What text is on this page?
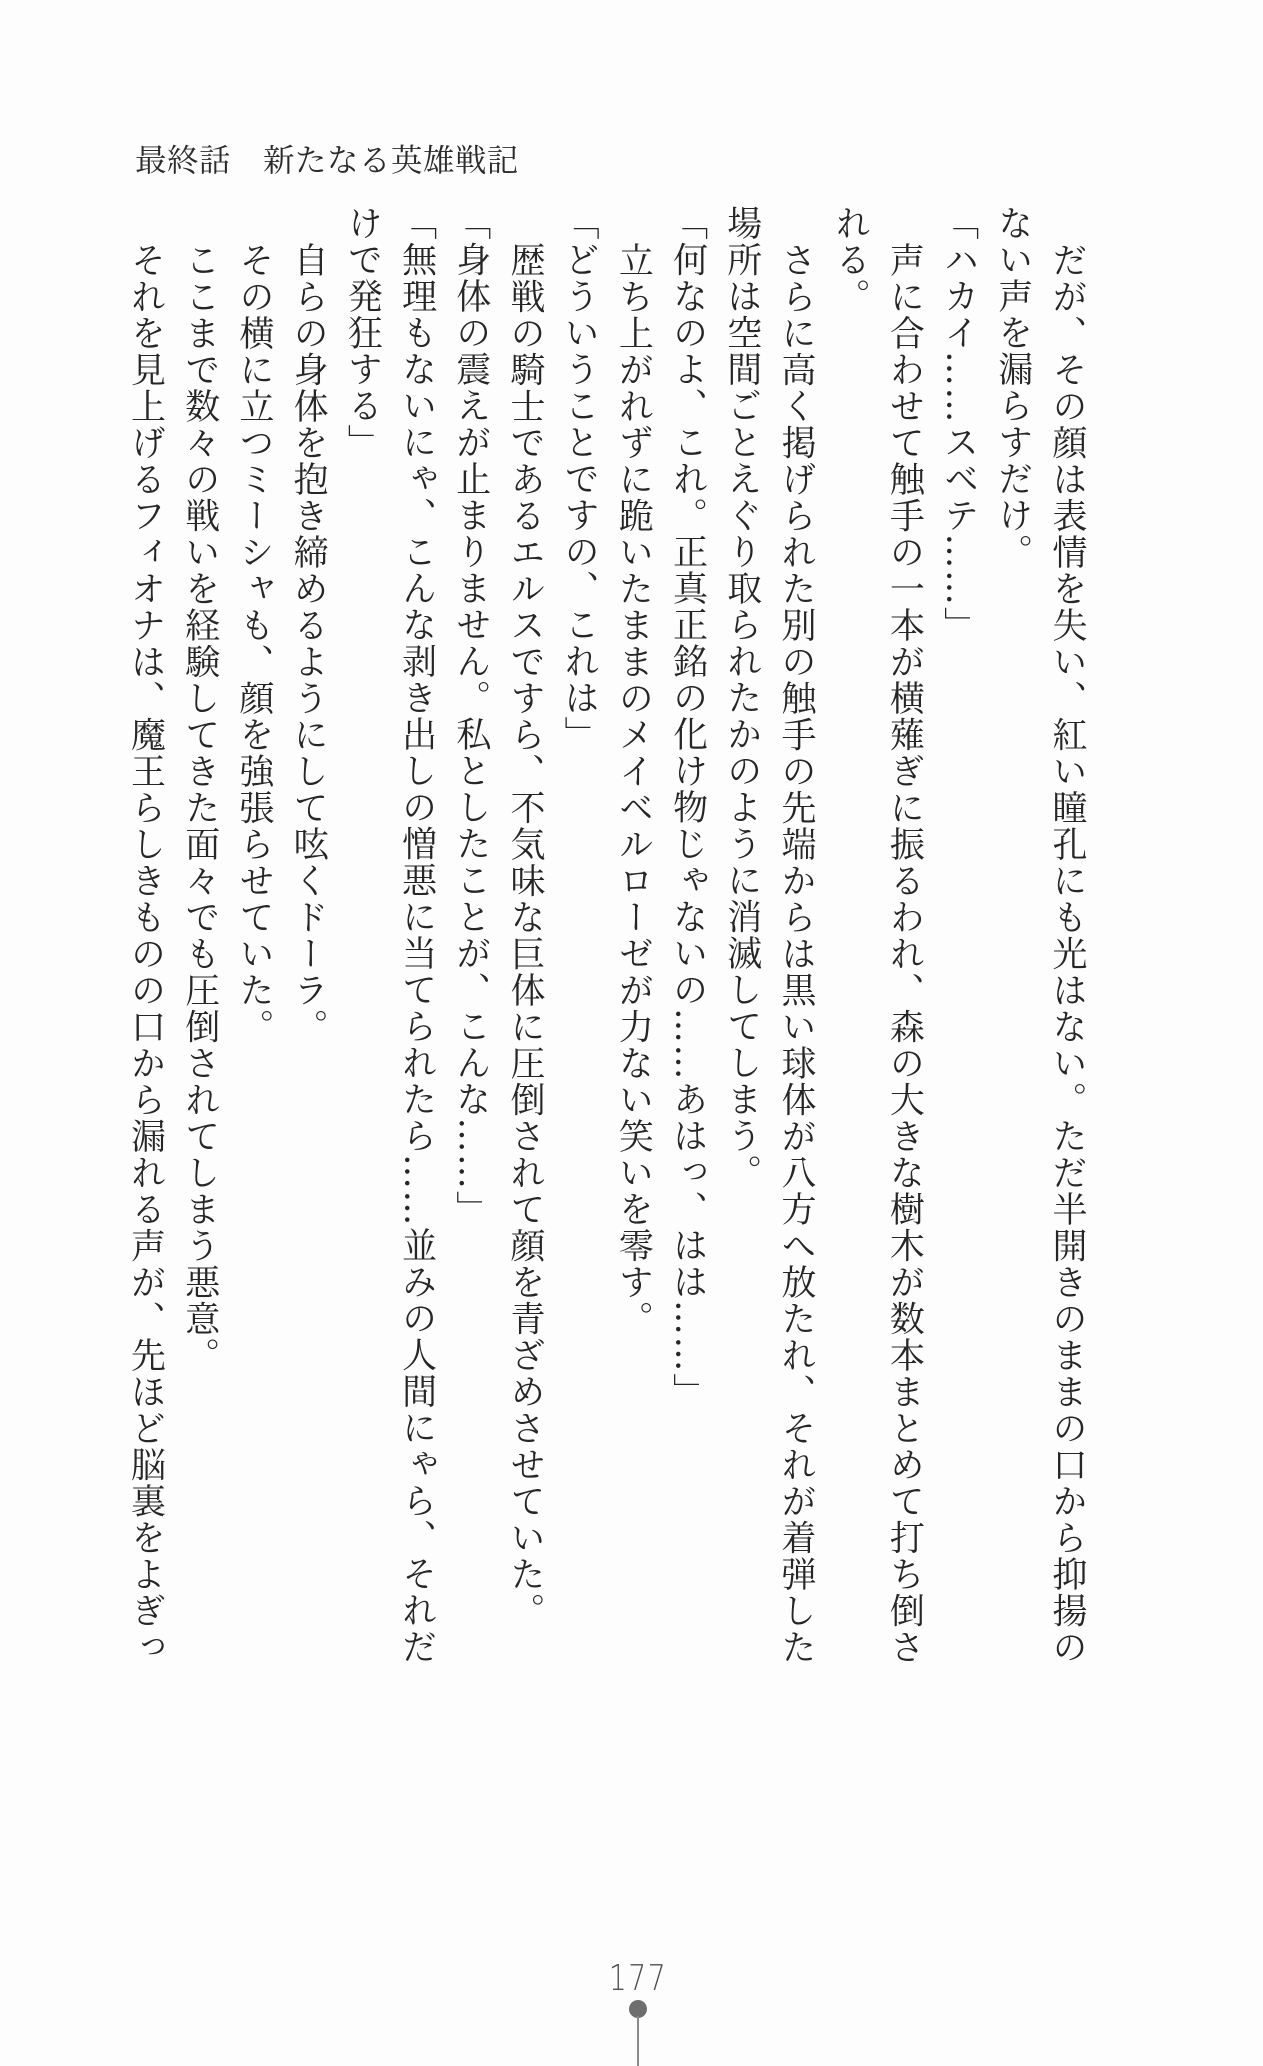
最終話　新たなる英雄戦記

だが、その顔は表情を失い、紅い瞳孔にも光はない。ただ半開きのままの口から抑揚のない声を漏らすだけ。

「ハカイ……スベテ……」

声に合わせて触手の一本が横薙ぎに振るわれ、森の大きな樹木が数本まとめて打ち倒される。

さらに高く掲げられた別の触手の先端からは黒い球体が八方へ放たれ、それが着弾した場所は空間ごとえぐり取られたかのように消滅してしまう。

「何なのよ、これ。正真正銘の化け物じゃないの……あはっ、はは……」

立ち上がれずに跪いたままのメイベルローゼが力ない笑いを零す。

「どういうことですの、これは」

歴戦の騎士であるエルスですら、不気味な巨体に圧倒されて顔を青ざめさせていた。

「身体の震えが止まりません。私としたことが、こんな……」

「無理もないにゃ、こんな剥き出しの憎悪に当てられたら……並みの人間にゃら、それだけで発狂する」

自らの身体を抱き締めるようにして呟くドーラ。

その横に立つミーシャも、顔を強張らせていた。

ここまで数々の戦いを経験してきた面々でも圧倒されてしまう悪意。

それを見上げるフィオナは、魔王らしきものの口から漏れる声が、先ほど脳裏をよぎっ

177
